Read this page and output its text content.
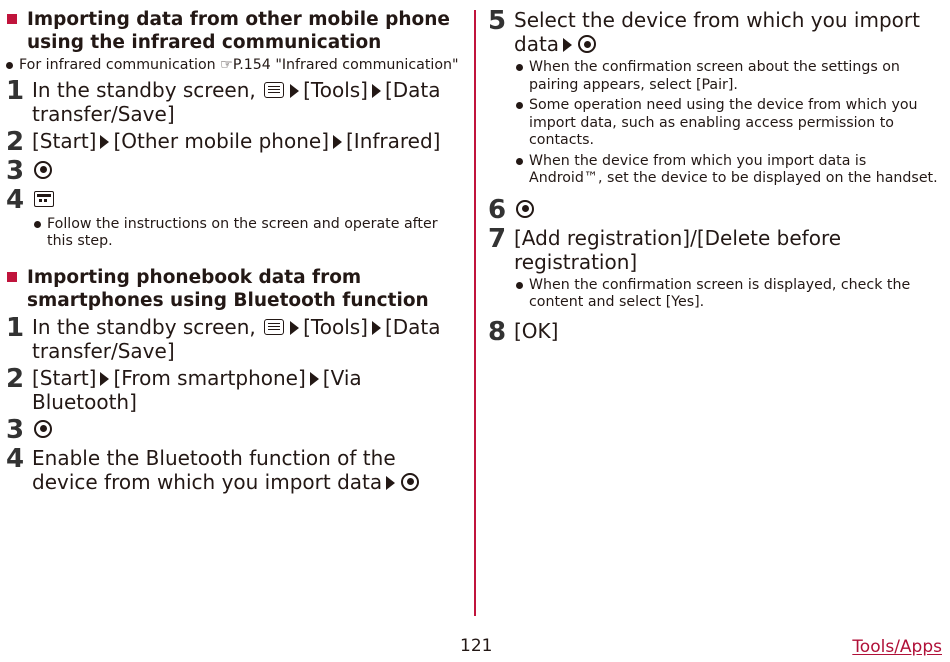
Importing data from other mobile phone using the infrared communication
For infrared communication ☞P.154 "Infrared communication"
1 In the standby screen, [Tools] [Data transfer/Save]
2 [Start] [Other mobile phone] [Infrared]
3
4
Follow the instructions on the screen and operate after this step.
Importing phonebook data from smartphones using Bluetooth function
1 In the standby screen, [Tools] [Data transfer/Save]
2 [Start] [From smartphone] [Via Bluetooth]
3
4 Enable the Bluetooth function of the device from which you import data
5 Select the device from which you import data
When the confirmation screen about the settings on pairing appears, select [Pair].
Some operation need using the device from which you import data, such as enabling access permission to contacts.
When the device from which you import data is Android™, set the device to be displayed on the handset.
6
7 [Add registration]/[Delete before registration]
When the confirmation screen is displayed, check the content and select [Yes].
8 [OK]
121	Tools/Apps
